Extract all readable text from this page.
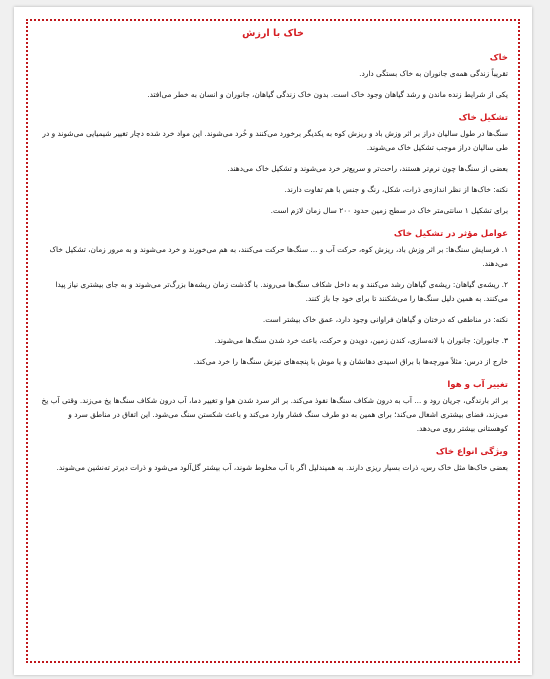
خاک با ارزش
خاک

تقریباً زندگی همه‌ی جانوران به خاک بستگی دارد.

یکی از شرایط زنده ماندن و رشد گیاهان وجود خاک است. بدون خاک زندگی گیاهان، جانوران و انسان به خطر می‌افتد.

تشکیل خاک

سنگ‌ها در طول سالیان دراز بر اثر وزش باد و ریزش کوه به یکدیگر برخورد می‌کنند و خُرد می‌شوند. این مواد خرد شده دچار تغییر شیمیایی می‌شوند و در طی سالیان دراز موجب تشکیل خاک می‌شوند.

بعضی از سنگ‌ها چون نرم‌تر هستند، راحت‌تر و سریع‌تر خرد می‌شوند و تشکیل خاک می‌دهند.

نکته: خاک‌ها از نظر اندازه‌ی ذرات، شکل، رنگ و جنس با هم تفاوت دارند.

برای تشکیل ۱ سانتی‌متر خاک در سطح زمین حدود ۲۰۰ سال زمان لازم است.

عوامل مؤثر در تشکیل خاک

۱. فرسایش سنگ‌ها: بر اثر وزش باد، ریزش کوه، حرکت آب و ... سنگ‌ها حرکت می‌کنند، به هم می‌خورند و خرد می‌شوند و به مرور زمان، تشکیل خاک می‌دهند.

۲. ریشه‌ی گیاهان: ریشه‌ی گیاهان رشد می‌کنند و به داخل شکاف سنگ‌ها می‌روند. با گذشت زمان ریشه‌ها بزرگ‌تر می‌شوند و به جای بیشتری نیاز پیدا می‌کنند. به همین دلیل سنگ‌ها را می‌شکنند تا برای خود جا باز کنند.

نکته: در مناطقی که درختان و گیاهان فراوانی وجود دارد، عمق خاک بیشتر است.

۳. جانوران: جانوران با لانه‌سازی، کندن زمین، دویدن و حرکت، باعث خرد شدن سنگ‌ها می‌شوند.

خارج از درس: مثلاً مورچه‌ها با براق اسیدی دهانشان و یا موش با پنجه‌های تیزش سنگ‌ها را خرد می‌کند.

تغییر آب و هوا

بر اثر بارندگی، جریان رود و ... آب به درون شکاف سنگ‌ها نفوذ می‌کند. بر اثر سرد شدن هوا و تغییر دما، آب درون شکاف سنگ‌ها یخ می‌زند. وقتی آب یخ می‌زند، فضای بیشتری اشغال می‌کند؛ برای همین به دو طرف سنگ فشار وارد می‌کند و باعث شکستن سنگ می‌شود. این اتفاق در مناطق سرد و کوهستانی بیشتر روی می‌دهد.

ویژگی انواع خاک

بعضی خاک‌ها مثل خاک رس، ذرات بسیار ریزی دارند. به همیندلیل اگر با آب مخلوط شوند، آب بیشتر گل‌آلود می‌شود و ذرات دیرتر تەنشین می‌شوند.
